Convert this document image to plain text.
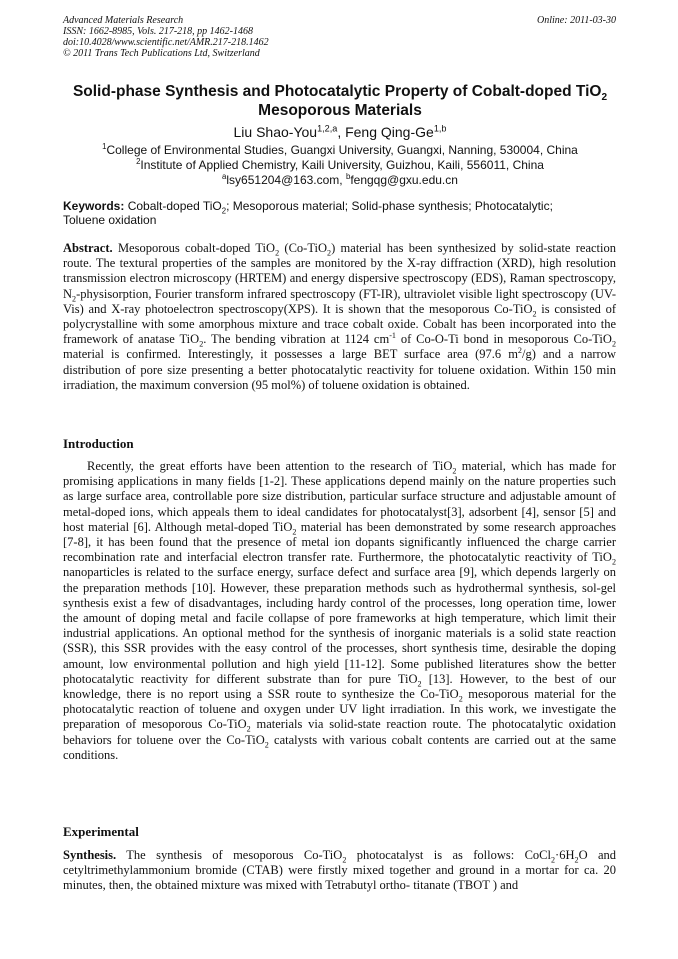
Advanced Materials Research
ISSN: 1662-8985, Vols. 217-218, pp 1462-1468
doi:10.4028/www.scientific.net/AMR.217-218.1462
© 2011 Trans Tech Publications Ltd, Switzerland
Online: 2011-03-30
Solid-phase Synthesis and Photocatalytic Property of Cobalt-doped TiO$_2$
Mesoporous Materials
Liu Shao-You$^{1,2,a}$, Feng Qing-Ge$^{1,b}$
$^1$College of Environmental Studies, Guangxi University, Guangxi, Nanning, 530004, China
$^2$Institute of Applied Chemistry, Kaili University, Guizhou, Kaili, 556011, China
$^a$lsy651204@163.com, $^b$fengqg@gxu.edu.cn
Keywords: Cobalt-doped TiO$_2$; Mesoporous material; Solid-phase synthesis; Photocatalytic;
Toluene oxidation
Abstract. Mesoporous cobalt-doped TiO$_2$ (Co-TiO$_2$) material has been synthesized by solid-state reaction route. The textural properties of the samples are monitored by the X-ray diffraction (XRD), high resolution transmission electron microscopy (HRTEM) and energy dispersive spectroscopy (EDS), Raman spectroscopy, $N_2$-physisorption, Fourier transform infrared spectroscopy (FT-IR), ultraviolet visible light spectroscopy (UV-Vis) and X-ray photoelectron spectroscopy(XPS). It is shown that the mesoporous Co-TiO$_2$ is consisted of polycrystalline with some amorphous mixture and trace cobalt oxide. Cobalt has been incorporated into the framework of anatase TiO$_2$. The bending vibration at 1124 $cm^{-1}$ of Co-O-Ti bond in mesoporous Co-TiO$_2$ material is confirmed. Interestingly, it possesses a large BET surface area (97.6 $m^2/g$) and a narrow distribution of pore size presenting a better photocatalytic reactivity for toluene oxidation. Within 150 min irradiation, the maximum conversion (95 mol%) of toluene oxidation is obtained.
Introduction
Recently, the great efforts have been attention to the research of TiO$_2$ material, which has made for promising applications in many fields [1-2]. These applications depend mainly on the nature properties such as large surface area, controllable pore size distribution, particular surface structure and adjustable amount of metal-doped ions, which appeals them to ideal candidates for photocatalyst[3], adsorbent [4], sensor [5] and host material [6]. Although metal-doped TiO$_2$ material has been demonstrated by some research approaches [7-8], it has been found that the presence of metal ion dopants significantly influenced the charge carrier recombination rate and interfacial electron transfer rate. Furthermore, the photocatalytic reactivity of TiO$_2$ nanoparticles is related to the surface energy, surface defect and surface area [9], which depends largerly on the preparation methods [10]. However, these preparation methods such as hydrothermal synthesis, sol-gel synthesis exist a few of disadvantages, including hardy control of the processes, long operation time, lower the amount of doping metal and facile collapse of pore frameworks at high temperature, which limit their industrial applications. An optional method for the synthesis of inorganic materials is a solid state reaction (SSR), this SSR provides with the easy control of the processes, short synthesis time, desirable the doping amount, low environmental pollution and high yield [11-12]. Some published literatures show the better photocatalytic reactivity for different substrate than for pure TiO$_2$ [13]. However, to the best of our knowledge, there is no report using a SSR route to synthesize the Co-TiO$_2$ mesoporous material for the photocatalytic reaction of toluene and oxygen under UV light irradiation. In this work, we investigate the preparation of mesoporous Co-TiO$_2$ materials via solid-state reaction route. The photocatalytic oxidation behaviors for toluene over the Co-TiO$_2$ catalysts with various cobalt contents are carried out at the same conditions.
Experimental
Synthesis. The synthesis of mesoporous Co-TiO$_2$ photocatalyst is as follows: $CoCl_2\cdot 6H_2O$ and cetyltrimethylammonium bromide (CTAB) were firstly mixed together and ground in a mortar for ca. 20 minutes, then, the obtained mixture was mixed with Tetrabutyl ortho- titanate (TBOT ) and
